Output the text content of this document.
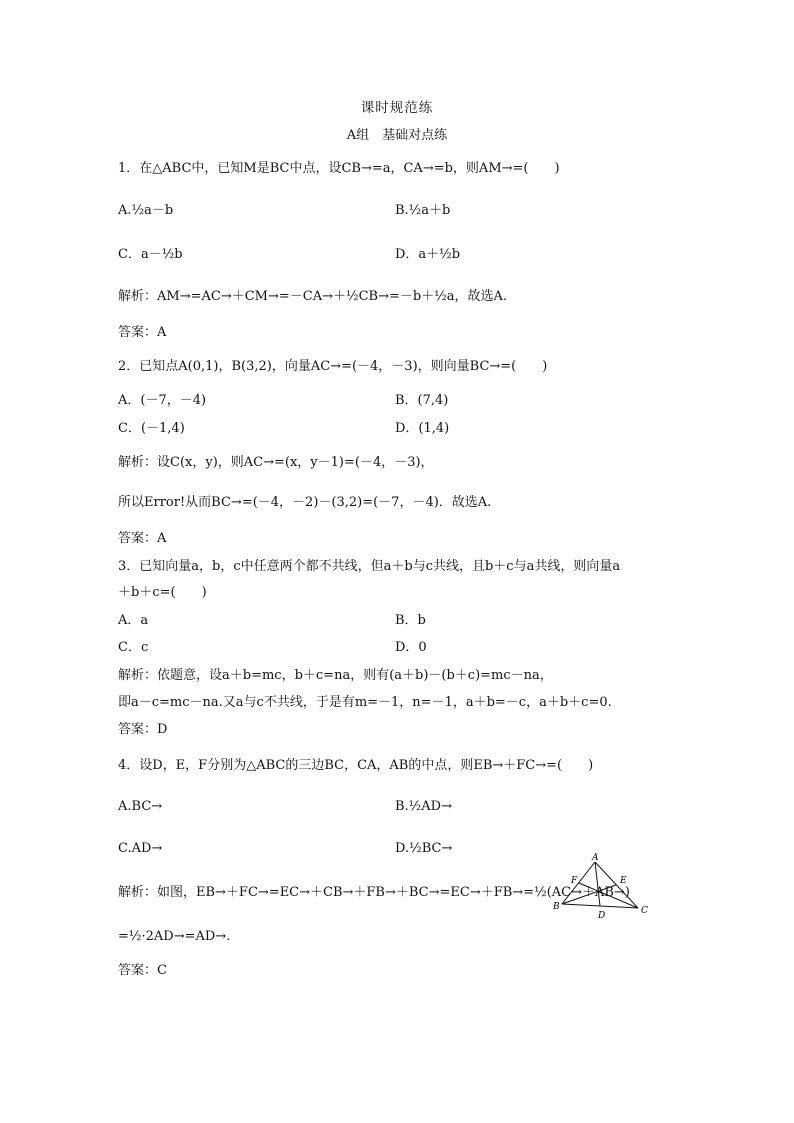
课时规范练
A组　基础对点练
1．在△ABC中，已知M是BC中点，设CB→=a，CA→=b，则AM→=(　　)
A.½a－b	B.½a＋b
C．a－½b	D．a＋½b
解析：AM→=AC→＋CM→=－CA→＋½CB→=－b＋½a，故选A.
答案：A
2．已知点A(0,1)，B(3,2)，向量AC→=(－4，－3)，则向量BC→=(　　)
A．(－7，－4)	B．(7,4)
C．(－1,4)	D．(1,4)
解析：设C(x，y)，则AC→=(x，y－1)=(－4，－3)，
所以Error!从而BC→=(－4，－2)－(3,2)=(－7，－4)．故选A.
答案：A
3．已知向量a，b，c中任意两个都不共线，但a＋b与c共线，且b＋c与a共线，则向量a
＋b＋c=(　　)
A．a	B．b
C．c	D．0
解析：依题意，设a＋b=mc，b＋c=na，则有(a＋b)－(b＋c)=mc－na，
即a－c=mc－na.又a与c不共线，于是有m=－1，n=－1，a＋b=－c，a＋b＋c=0.
答案：D
4．设D，E，F分别为△ABC的三边BC，CA，AB的中点，则EB→＋FC→=(　　)
A.BC→	B.½AD→
C.AD→	D.½BC→
解析：如图，EB→＋FC→=EC→＋CB→＋FB→＋BC→=EC→＋FB→=½(AC→＋AB→)
=½·2AD→=AD→.
答案：C
A
B	C
D
E
F
